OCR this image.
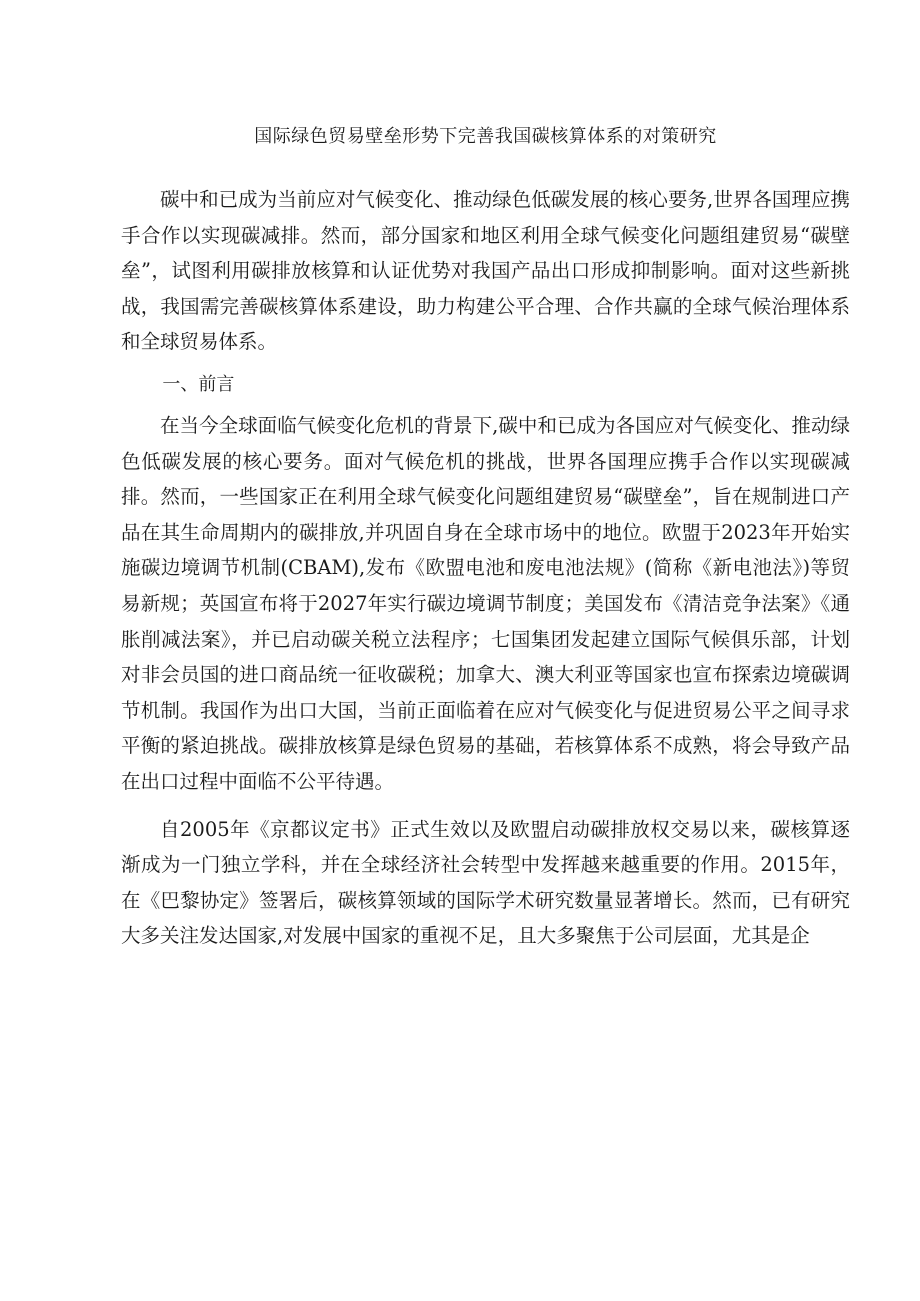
国际绿色贸易壁垒形势下完善我国碳核算体系的对策研究

碳中和已成为当前应对气候变化、推动绿色低碳发展的核心要务,世界各国理应携手合作以实现碳减排。然而，部分国家和地区利用全球气候变化问题组建贸易“碳壁垒”，试图利用碳排放核算和认证优势对我国产品出口形成抑制影响。面对这些新挑战，我国需完善碳核算体系建设，助力构建公平合理、合作共赢的全球气候治理体系和全球贸易体系。

一、前言

在当今全球面临气候变化危机的背景下,碳中和已成为各国应对气候变化、推动绿色低碳发展的核心要务。面对气候危机的挑战，世界各国理应携手合作以实现碳减排。然而，一些国家正在利用全球气候变化问题组建贸易“碳壁垒”，旨在规制进口产品在其生命周期内的碳排放,并巩固自身在全球市场中的地位。欧盟于2023年开始实施碳边境调节机制(CBAM),发布《欧盟电池和废电池法规》(简称《新电池法》)等贸易新规；英国宣布将于2027年实行碳边境调节制度；美国发布《清洁竞争法案》《通胀削减法案》，并已启动碳关税立法程序；七国集团发起建立国际气候俱乐部，计划对非会员国的进口商品统一征收碳税；加拿大、澳大利亚等国家也宣布探索边境碳调节机制。我国作为出口大国，当前正面临着在应对气候变化与促进贸易公平之间寻求平衡的紧迫挑战。碳排放核算是绿色贸易的基础，若核算体系不成熟，将会导致产品在出口过程中面临不公平待遇。

自2005年《京都议定书》正式生效以及欧盟启动碳排放权交易以来，碳核算逐渐成为一门独立学科，并在全球经济社会转型中发挥越来越重要的作用。2015年，在《巴黎协定》签署后，碳核算领域的国际学术研究数量显著增长。然而，已有研究大多关注发达国家,对发展中国家的重视不足，且大多聚焦于公司层面，尤其是企
